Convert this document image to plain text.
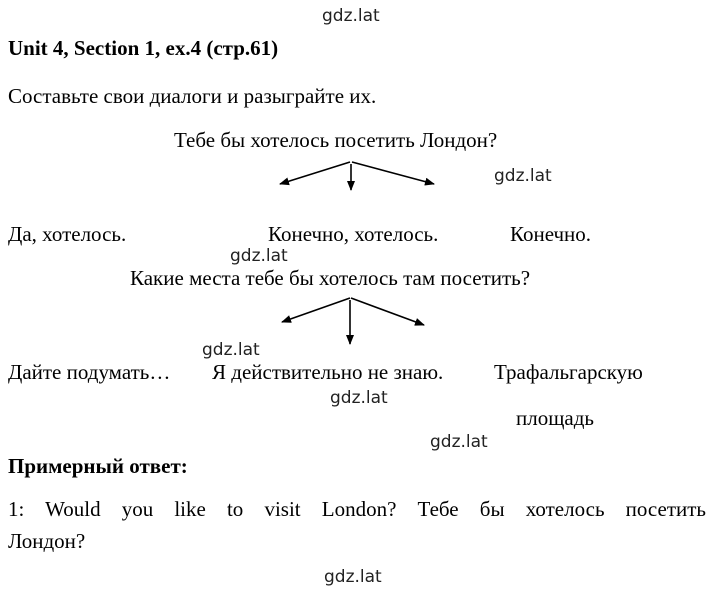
gdz.lat
gdz.lat
gdz.lat
gdz.lat
gdz.lat
gdz.lat
gdz.lat
Unit 4, Section 1, ex.4 (стр.61)
Составьте свои диалоги и разыграйте их.
Тебе бы хотелось посетить Лондон?
Да, хотелось.	Конечно, хотелось.	Конечно.
Какие места тебе бы хотелось там посетить?
Дайте подумать… Я действительно не знаю. Трафальгарскую
площадь
Примерный ответ:
1: Would you like to visit London? Тебе бы хотелось посетить
Лондон?
